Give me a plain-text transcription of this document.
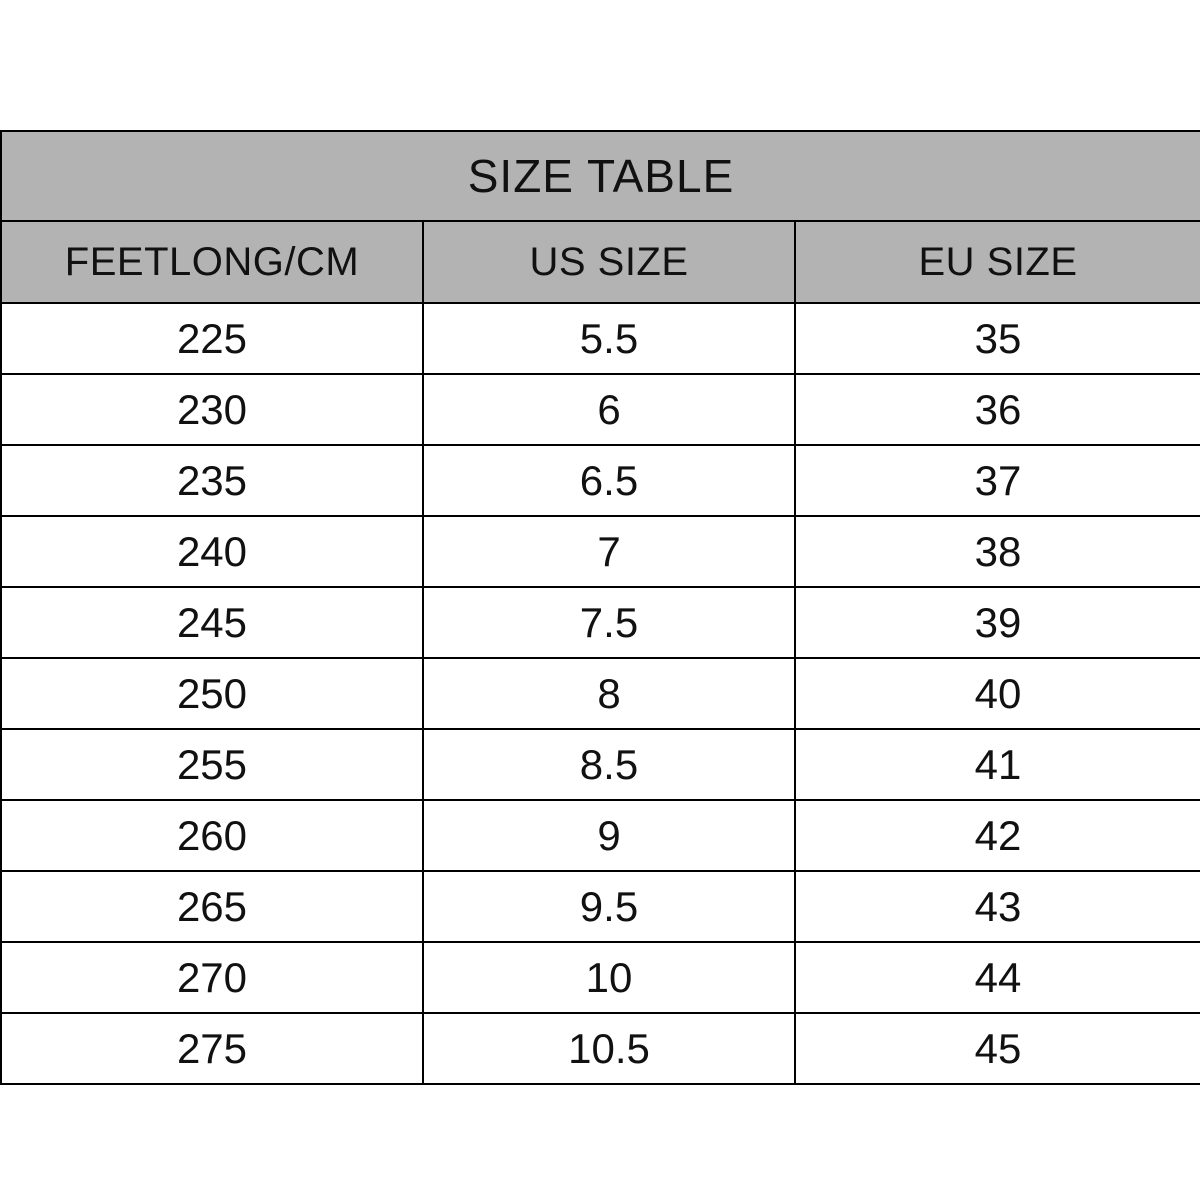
SIZE TABLE		
FEETLONG/CM	US SIZE	EU SIZE
225	5.5	35
230	6	36
235	6.5	37
240	7	38
245	7.5	39
250	8	40
255	8.5	41
260	9	42
265	9.5	43
270	10	44
275	10.5	45
